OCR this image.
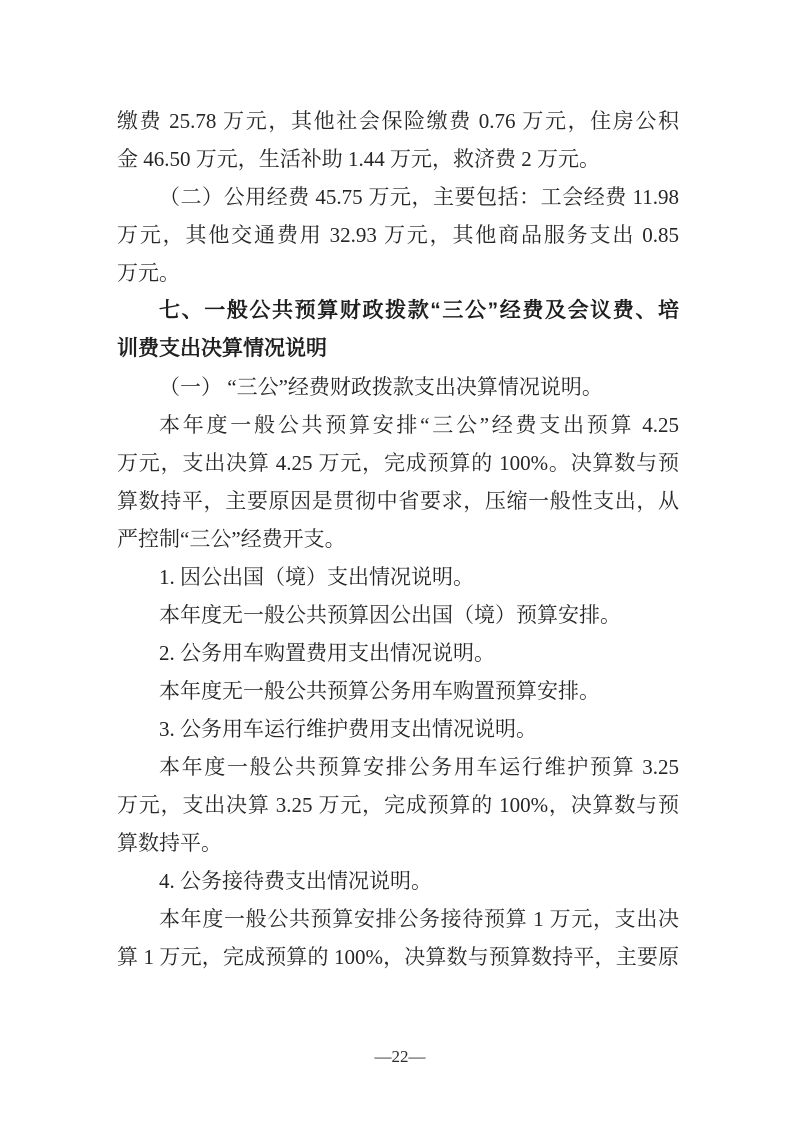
缴费 25.78 万元，其他社会保险缴费 0.76 万元，住房公积
金 46.50 万元，生活补助 1.44 万元，救济费 2 万元。

（二）公用经费 45.75 万元，主要包括：工会经费 11.98
万元，其他交通费用 32.93 万元，其他商品服务支出 0.85
万元。

七、一般公共预算财政拨款“三公”经费及会议费、培
训费支出决算情况说明

（一） “三公”经费财政拨款支出决算情况说明。

本年度一般公共预算安排“三公”经费支出预算 4.25
万元，支出决算 4.25 万元，完成预算的 100%。决算数与预
算数持平，主要原因是贯彻中省要求，压缩一般性支出，从
严控制“三公”经费开支。

1. 因公出国（境）支出情况说明。

本年度无一般公共预算因公出国（境）预算安排。

2. 公务用车购置费用支出情况说明。

本年度无一般公共预算公务用车购置预算安排。

3. 公务用车运行维护费用支出情况说明。

本年度一般公共预算安排公务用车运行维护预算 3.25
万元，支出决算 3.25 万元，完成预算的 100%，决算数与预
算数持平。

4. 公务接待费支出情况说明。

本年度一般公共预算安排公务接待预算 1 万元，支出决
算 1 万元，完成预算的 100%，决算数与预算数持平，主要原

—22—
